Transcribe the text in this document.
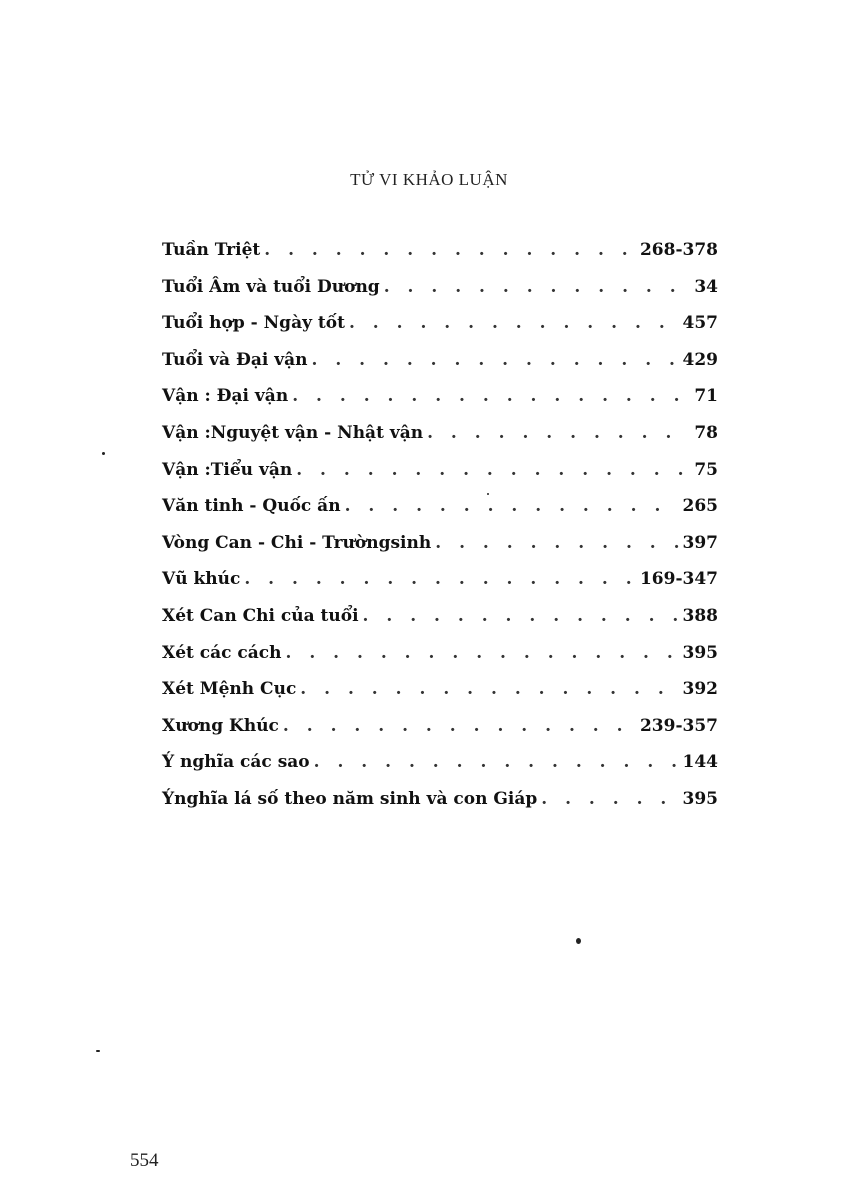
TỬ VI KHẢO LUẬN
Tuần Triệt . . .	268-378
Tuổi Âm và tuổi Dương . . .	34
Tuổi hợp - Ngày tốt . . .	457
Tuổi và Đại vận . . .	429
Vận : Đại vận . . .	71
Vận :Nguyệt vận - Nhật vận . . .	78
Vận :Tiểu vận . . .	75
Văn tinh - Quốc ấn . . .	265
Vòng Can - Chi - Trườngsinh . . .	397
Vũ khúc . . .	169-347
Xét Can Chi của tuổi . . .	388
Xét các cách . . .	395
Xét Mệnh Cục . . .	392
Xương Khúc . . .	239-357
Ý nghĩa các sao . . .	144
Ýnghĩa lá số theo năm sinh và con Giáp . . .	395
554
